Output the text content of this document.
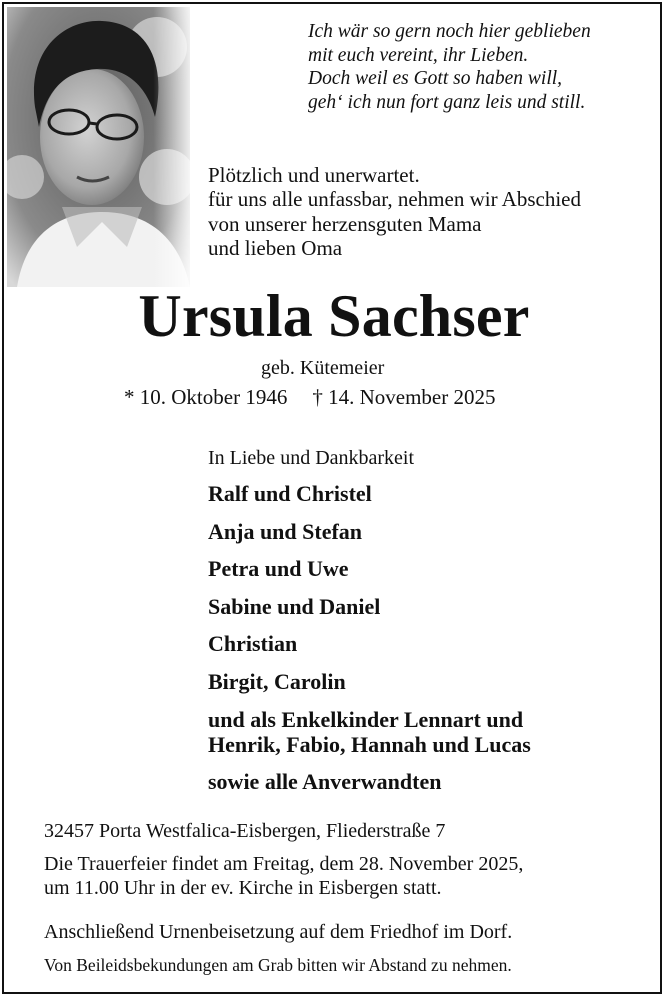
Ich wär so gern noch hier geblieben
mit euch vereint, ihr Lieben.
Doch weil es Gott so haben will,
geh‘ ich nun fort ganz leis und still.
Plötzlich und unerwartet.
für uns alle unfassbar, nehmen wir Abschied
von unserer herzensguten Mama
und lieben Oma
Ursula Sachser
geb. Kütemeier
* 10. Oktober 1946 † 14. November 2025
In Liebe und Dankbarkeit
Ralf und Christel
Anja und Stefan
Petra und Uwe
Sabine und Daniel
Christian
Birgit, Carolin
und als Enkelkinder Lennart und
Henrik, Fabio, Hannah und Lucas
sowie alle Anverwandten
32457 Porta Westfalica-Eisbergen, Fliederstraße 7
Die Trauerfeier findet am Freitag, dem 28. November 2025,
um 11.00 Uhr in der ev. Kirche in Eisbergen statt.
Anschließend Urnenbeisetzung auf dem Friedhof im Dorf.
Von Beileidsbekundungen am Grab bitten wir Abstand zu nehmen.
